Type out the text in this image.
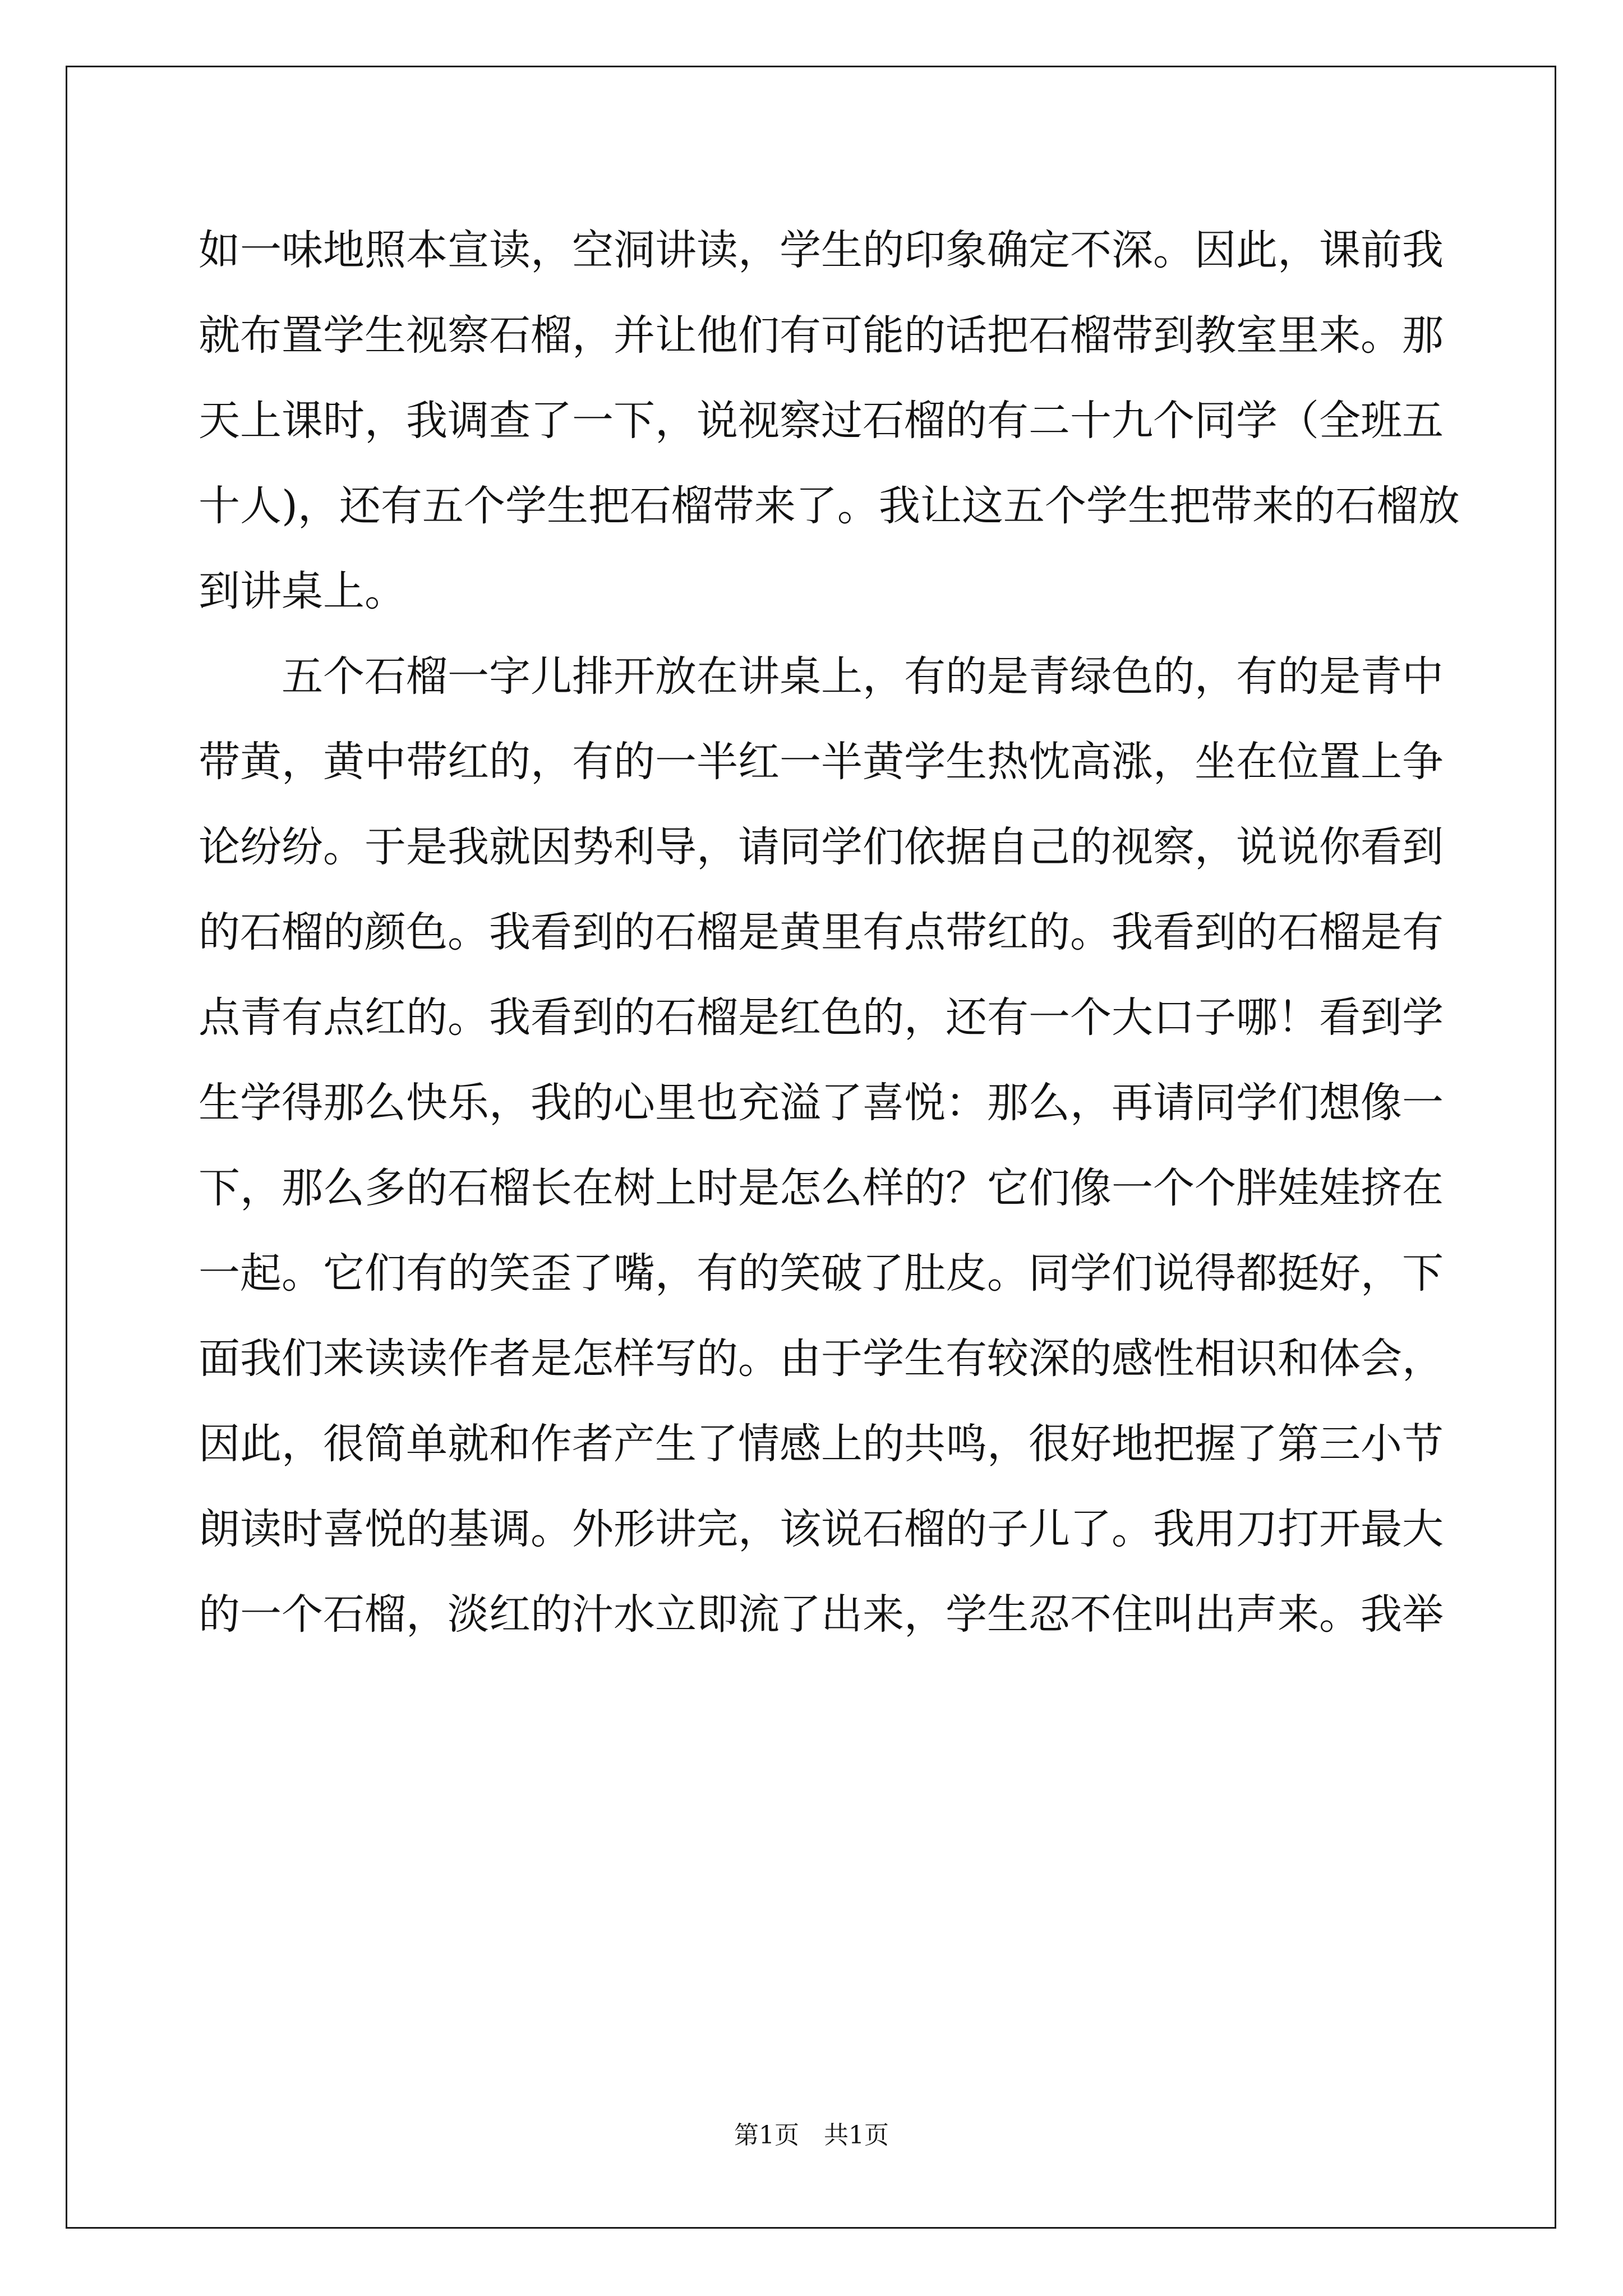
如一味地照本宣读，空洞讲读，学生的印象确定不深。因此，课前我
就布置学生视察石榴，并让他们有可能的话把石榴带到教室里来。那
天上课时，我调查了一下，说视察过石榴的有二十九个同学（全班五
十人)，还有五个学生把石榴带来了。我让这五个学生把带来的石榴放
到讲桌上。
　　五个石榴一字儿排开放在讲桌上，有的是青绿色的，有的是青中
带黄，黄中带红的，有的一半红一半黄学生热忱高涨，坐在位置上争
论纷纷。于是我就因势利导，请同学们依据自己的视察，说说你看到
的石榴的颜色。我看到的石榴是黄里有点带红的。我看到的石榴是有
点青有点红的。我看到的石榴是红色的，还有一个大口子哪！看到学
生学得那么快乐，我的心里也充溢了喜悦：那么，再请同学们想像一
下，那么多的石榴长在树上时是怎么样的？它们像一个个胖娃娃挤在
一起。它们有的笑歪了嘴，有的笑破了肚皮。同学们说得都挺好，下
面我们来读读作者是怎样写的。由于学生有较深的感性相识和体会，
因此，很简单就和作者产生了情感上的共鸣，很好地把握了第三小节
朗读时喜悦的基调。外形讲完，该说石榴的子儿了。我用刀打开最大
的一个石榴，淡红的汁水立即流了出来，学生忍不住叫出声来。我举
第1页　共1页
